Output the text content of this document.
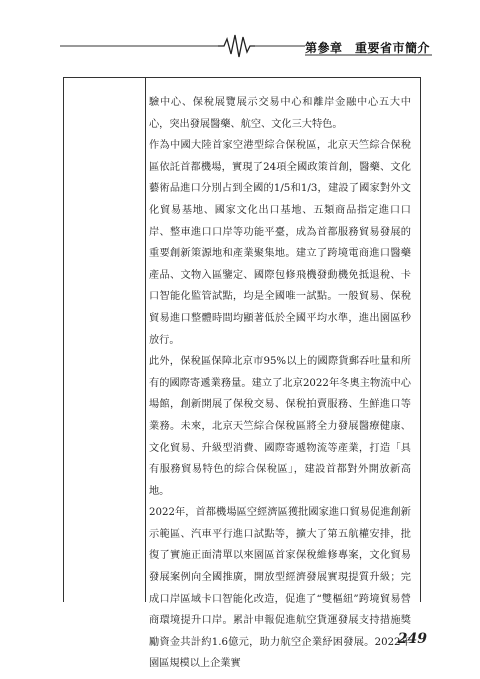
第參章　重要省市簡介

驗中心、保稅展覽展示交易中心和離岸金融中心五大中心，突出發展醫藥、航空、文化三大特色。

作為中國大陸首家空港型綜合保稅區，北京天竺綜合保稅區依託首都機場，實現了24項全國政策首創，醫藥、文化藝術品進口分別占到全國的1/5和1/3，建設了國家對外文化貿易基地、國家文化出口基地、五類商品指定進口口岸、整車進口口岸等功能平臺，成為首都服務貿易發展的重要創新策源地和產業聚集地。建立了跨境電商進口醫藥產品、文物入區鑒定、國際包修飛機發動機免抵退稅、卡口智能化監管試點，均是全國唯一試點。一般貿易、保稅貿易進口整體時間均顯著低於全國平均水準，進出園區秒放行。

此外，保稅區保障北京市95%以上的國際貨郵吞吐量和所有的國際寄遞業務量。建立了北京2022年冬奧主物流中心場館，創新開展了保稅交易、保稅拍賣服務、生鮮進口等業務。未來，北京天竺綜合保稅區將全力發展醫療健康、文化貿易、升級型消費、國際寄遞物流等產業，打造「具有服務貿易特色的綜合保稅區」，建設首都對外開放新高地。

2022年，首都機場區空經濟區獲批國家進口貿易促進創新示範區、汽車平行進口試點等，擴大了第五航權安排，批復了實施正面清單以來園區首家保稅維修專案，文化貿易發展案例向全國推廣，開放型經濟發展實現提質升級；完成口岸區域卡口智能化改造，促進了“雙樞紐”跨境貿易營商環境提升口岸。累計申報促進航空貨運發展支持措施獎勵資金共計約1.6億元，助力航空企業紓困發展。2022年園區規模以上企業實

249
